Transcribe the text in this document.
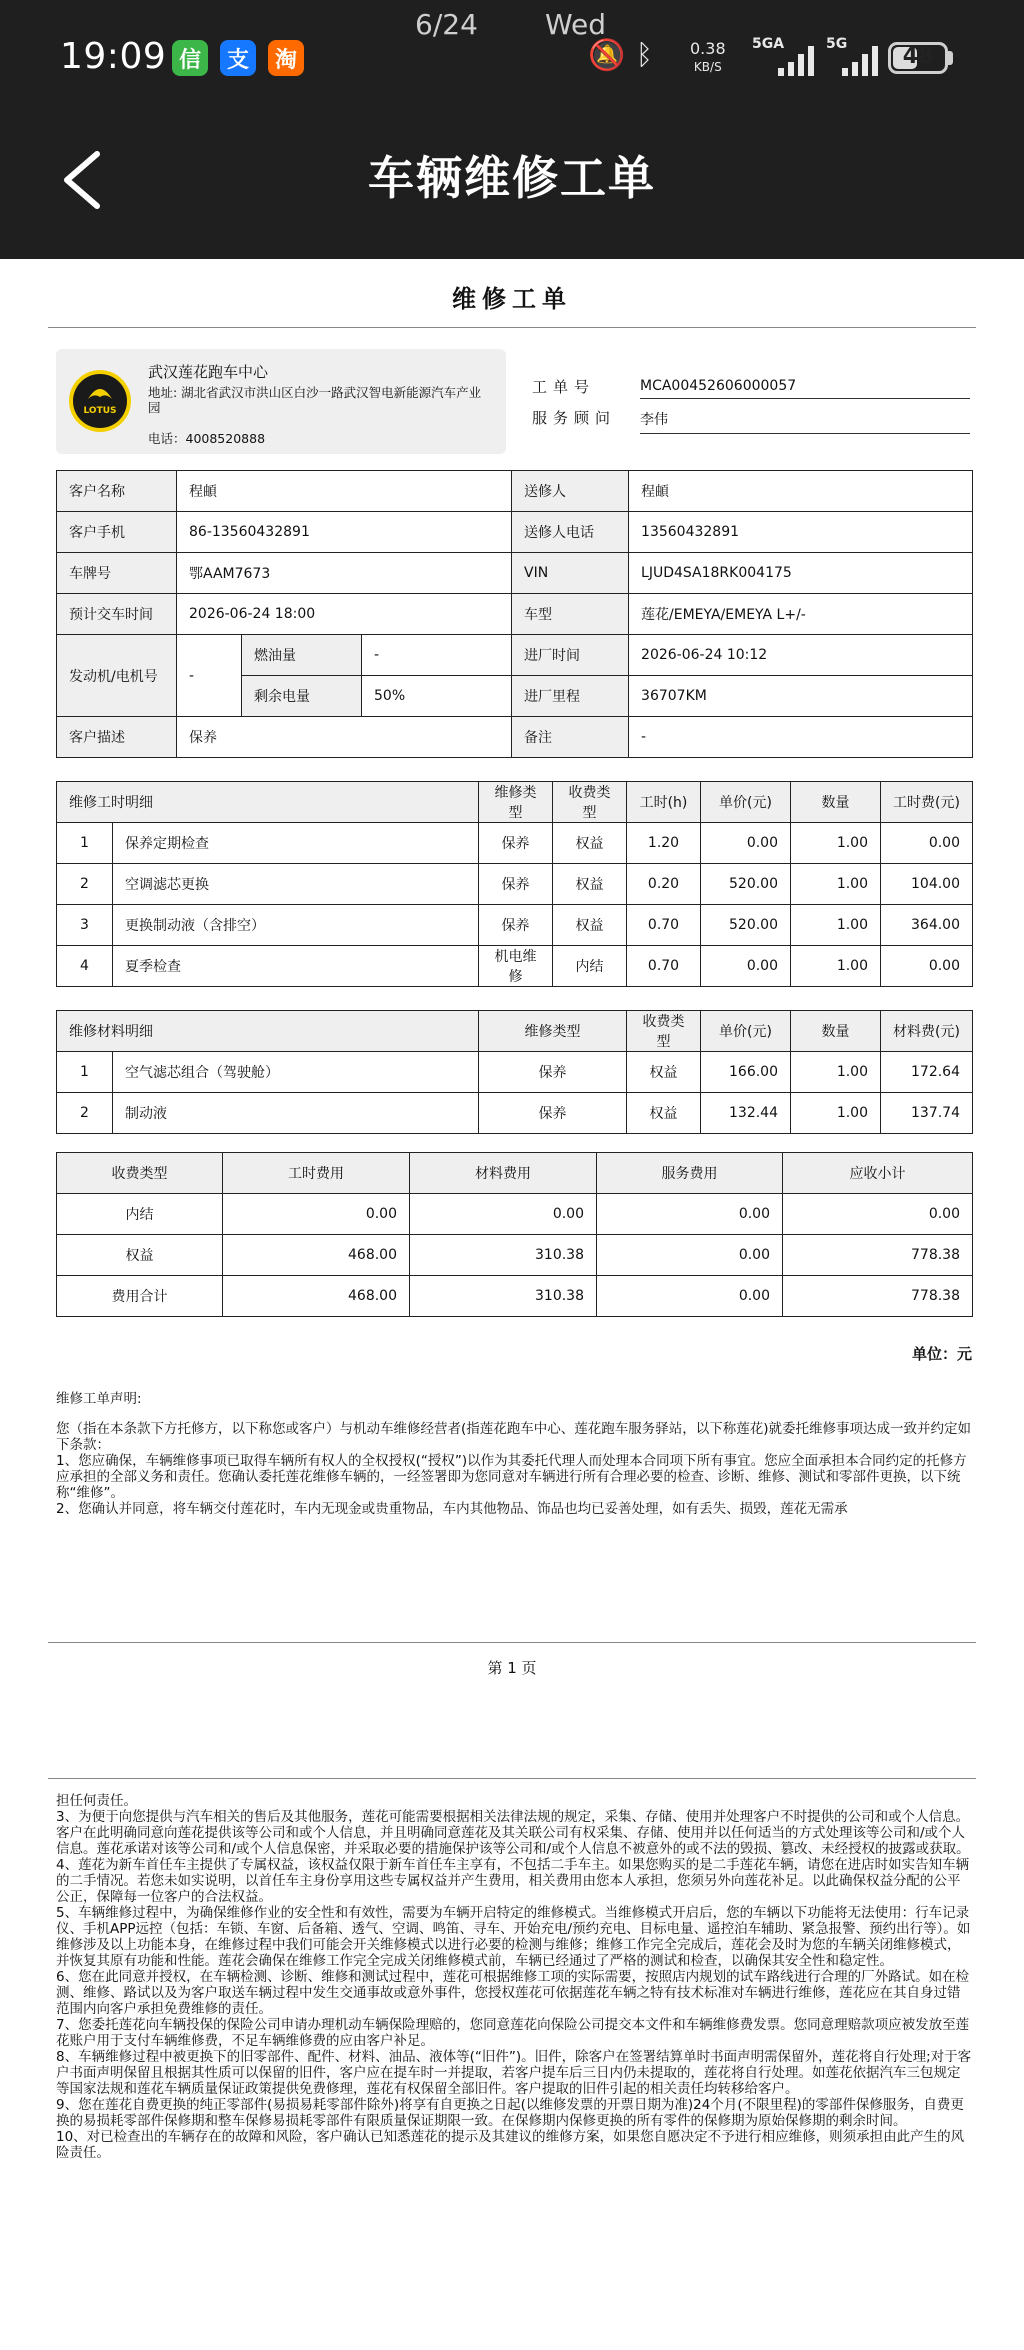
19:09 信	支	淘
6/24 Wed
🔕 ᛒ 0.38
KB/S
5GA	5G	48
车辆维修工单
维修工单
LOTUS
武汉莲花跑车中心
地址: 湖北省武汉市洪山区白沙一路武汉智电新能源汽车产业园
电话：4008520888
工单号	MCA00452606000057
服务顾问 李伟
客户名称	程頔			送修人	程頔
客户手机	86-13560432891			送修人电话	13560432891
车牌号	鄂AAM7673			VIN	LJUD4SA18RK004175
预计交车时间	2026-06-24 18:00			车型	莲花/EMEYA/EMEYA L+/-
发动机/电机号	-	燃油量	-	进厂时间	2026-06-24 10:12
		剩余电量	50%	进厂里程	36707KM
客户描述	保养			备注	-
维修工时明细		维修类型	收费类型	工时(h)	单价(元)	数量	工时费(元)
1	保养定期检查	保养	权益	1.20	0.00	1.00	0.00
2	空调滤芯更换	保养	权益	0.20	520.00	1.00	104.00
3	更换制动液（含排空）	保养	权益	0.70	520.00	1.00	364.00
4	夏季检查	机电维修	内结	0.70	0.00	1.00	0.00
维修材料明细		维修类型	收费类型	单价(元)	数量	材料费(元)
1	空气滤芯组合（驾驶舱）	保养	权益	166.00	1.00	172.64
2	制动液	保养	权益	132.44	1.00	137.74
收费类型	工时费用	材料费用	服务费用	应收小计
内结	0.00	0.00	0.00	0.00
权益	468.00	310.38	0.00	778.38
费用合计	468.00	310.38	0.00	778.38
单位：元

维修工单声明:

您（指在本条款下方托修方，以下称您或客户）与机动车维修经营者(指莲花跑车中心、莲花跑车服务驿站，以下称莲花)就委托维修事项达成一致并约定如下条款：

1、您应确保，车辆维修事项已取得车辆所有权人的全权授权(“授权”)以作为其委托代理人而处理本合同项下所有事宜。您应全面承担本合同约定的托修方应承担的全部义务和责任。您确认委托莲花维修车辆的，一经签署即为您同意对车辆进行所有合理必要的检查、诊断、维修、测试和零部件更换，以下统称“维修”。

2、您确认并同意，将车辆交付莲花时，车内无现金或贵重物品，车内其他物品、饰品也均已妥善处理，如有丢失、损毁，莲花无需承

第 1 页

担任何责任。

3、为便于向您提供与汽车相关的售后及其他服务，莲花可能需要根据相关法律法规的规定，采集、存储、使用并处理客户不时提供的公司和或个人信息。客户在此明确同意向莲花提供该等公司和或个人信息，并且明确同意莲花及其关联公司有权采集、存储、使用并以任何适当的方式处理该等公司和/或个人信息。莲花承诺对该等公司和/或个人信息保密，并采取必要的措施保护该等公司和/或个人信息不被意外的或不法的毁损、篡改、未经授权的披露或获取。

4、莲花为新车首任车主提供了专属权益，该权益仅限于新车首任车主享有，不包括二手车主。如果您购买的是二手莲花车辆，请您在进店时如实告知车辆的二手情况。若您未如实说明，以首任车主身份享用这些专属权益并产生费用，相关费用由您本人承担，您须另外向莲花补足。以此确保权益分配的公平公正，保障每一位客户的合法权益。

5、车辆维修过程中，为确保维修作业的安全性和有效性，需要为车辆开启特定的维修模式。当维修模式开启后，您的车辆以下功能将无法使用：行车记录仪、手机APP远控（包括：车锁、车窗、后备箱、透气、空调、鸣笛、寻车、开始充电/预约充电、目标电量、遥控泊车辅助、紧急报警、预约出行等）。如维修涉及以上功能本身，在维修过程中我们可能会开关维修模式以进行必要的检测与维修；维修工作完全完成后，莲花会及时为您的车辆关闭维修模式，并恢复其原有功能和性能。莲花会确保在维修工作完全完成关闭维修模式前，车辆已经通过了严格的测试和检查，以确保其安全性和稳定性。

6、您在此同意并授权，在车辆检测、诊断、维修和测试过程中，莲花可根据维修工项的实际需要，按照店内规划的试车路线进行合理的厂外路试。如在检测、维修、路试以及为客户取送车辆过程中发生交通事故或意外事件，您授权莲花可依据莲花车辆之特有技术标准对车辆进行维修，莲花应在其自身过错范围内向客户承担免费维修的责任。

7、您委托莲花向车辆投保的保险公司申请办理机动车辆保险理赔的，您同意莲花向保险公司提交本文件和车辆维修费发票。您同意理赔款项应被发放至莲花账户用于支付车辆维修费，不足车辆维修费的应由客户补足。

8、车辆维修过程中被更换下的旧零部件、配件、材料、油品、液体等(“旧件”)。旧件，除客户在签署结算单时书面声明需保留外，莲花将自行处理;对于客户书面声明保留且根据其性质可以保留的旧件，客户应在提车时一并提取，若客户提车后三日内仍未提取的，莲花将自行处理。如莲花依据汽车三包规定等国家法规和莲花车辆质量保证政策提供免费修理，莲花有权保留全部旧件。客户提取的旧件引起的相关责任均转移给客户。

9、您在莲花自费更换的纯正零部件(易损易耗零部件除外)将享有自更换之日起(以维修发票的开票日期为准)24个月(不限里程)的零部件保修服务，自费更换的易损耗零部件保修期和整车保修易损耗零部件有限质量保证期限一致。在保修期内保修更换的所有零件的保修期为原始保修期的剩余时间。

10、对已检查出的车辆存在的故障和风险，客户确认已知悉莲花的提示及其建议的维修方案，如果您自愿决定不予进行相应维修，则须承担由此产生的风险责任。
